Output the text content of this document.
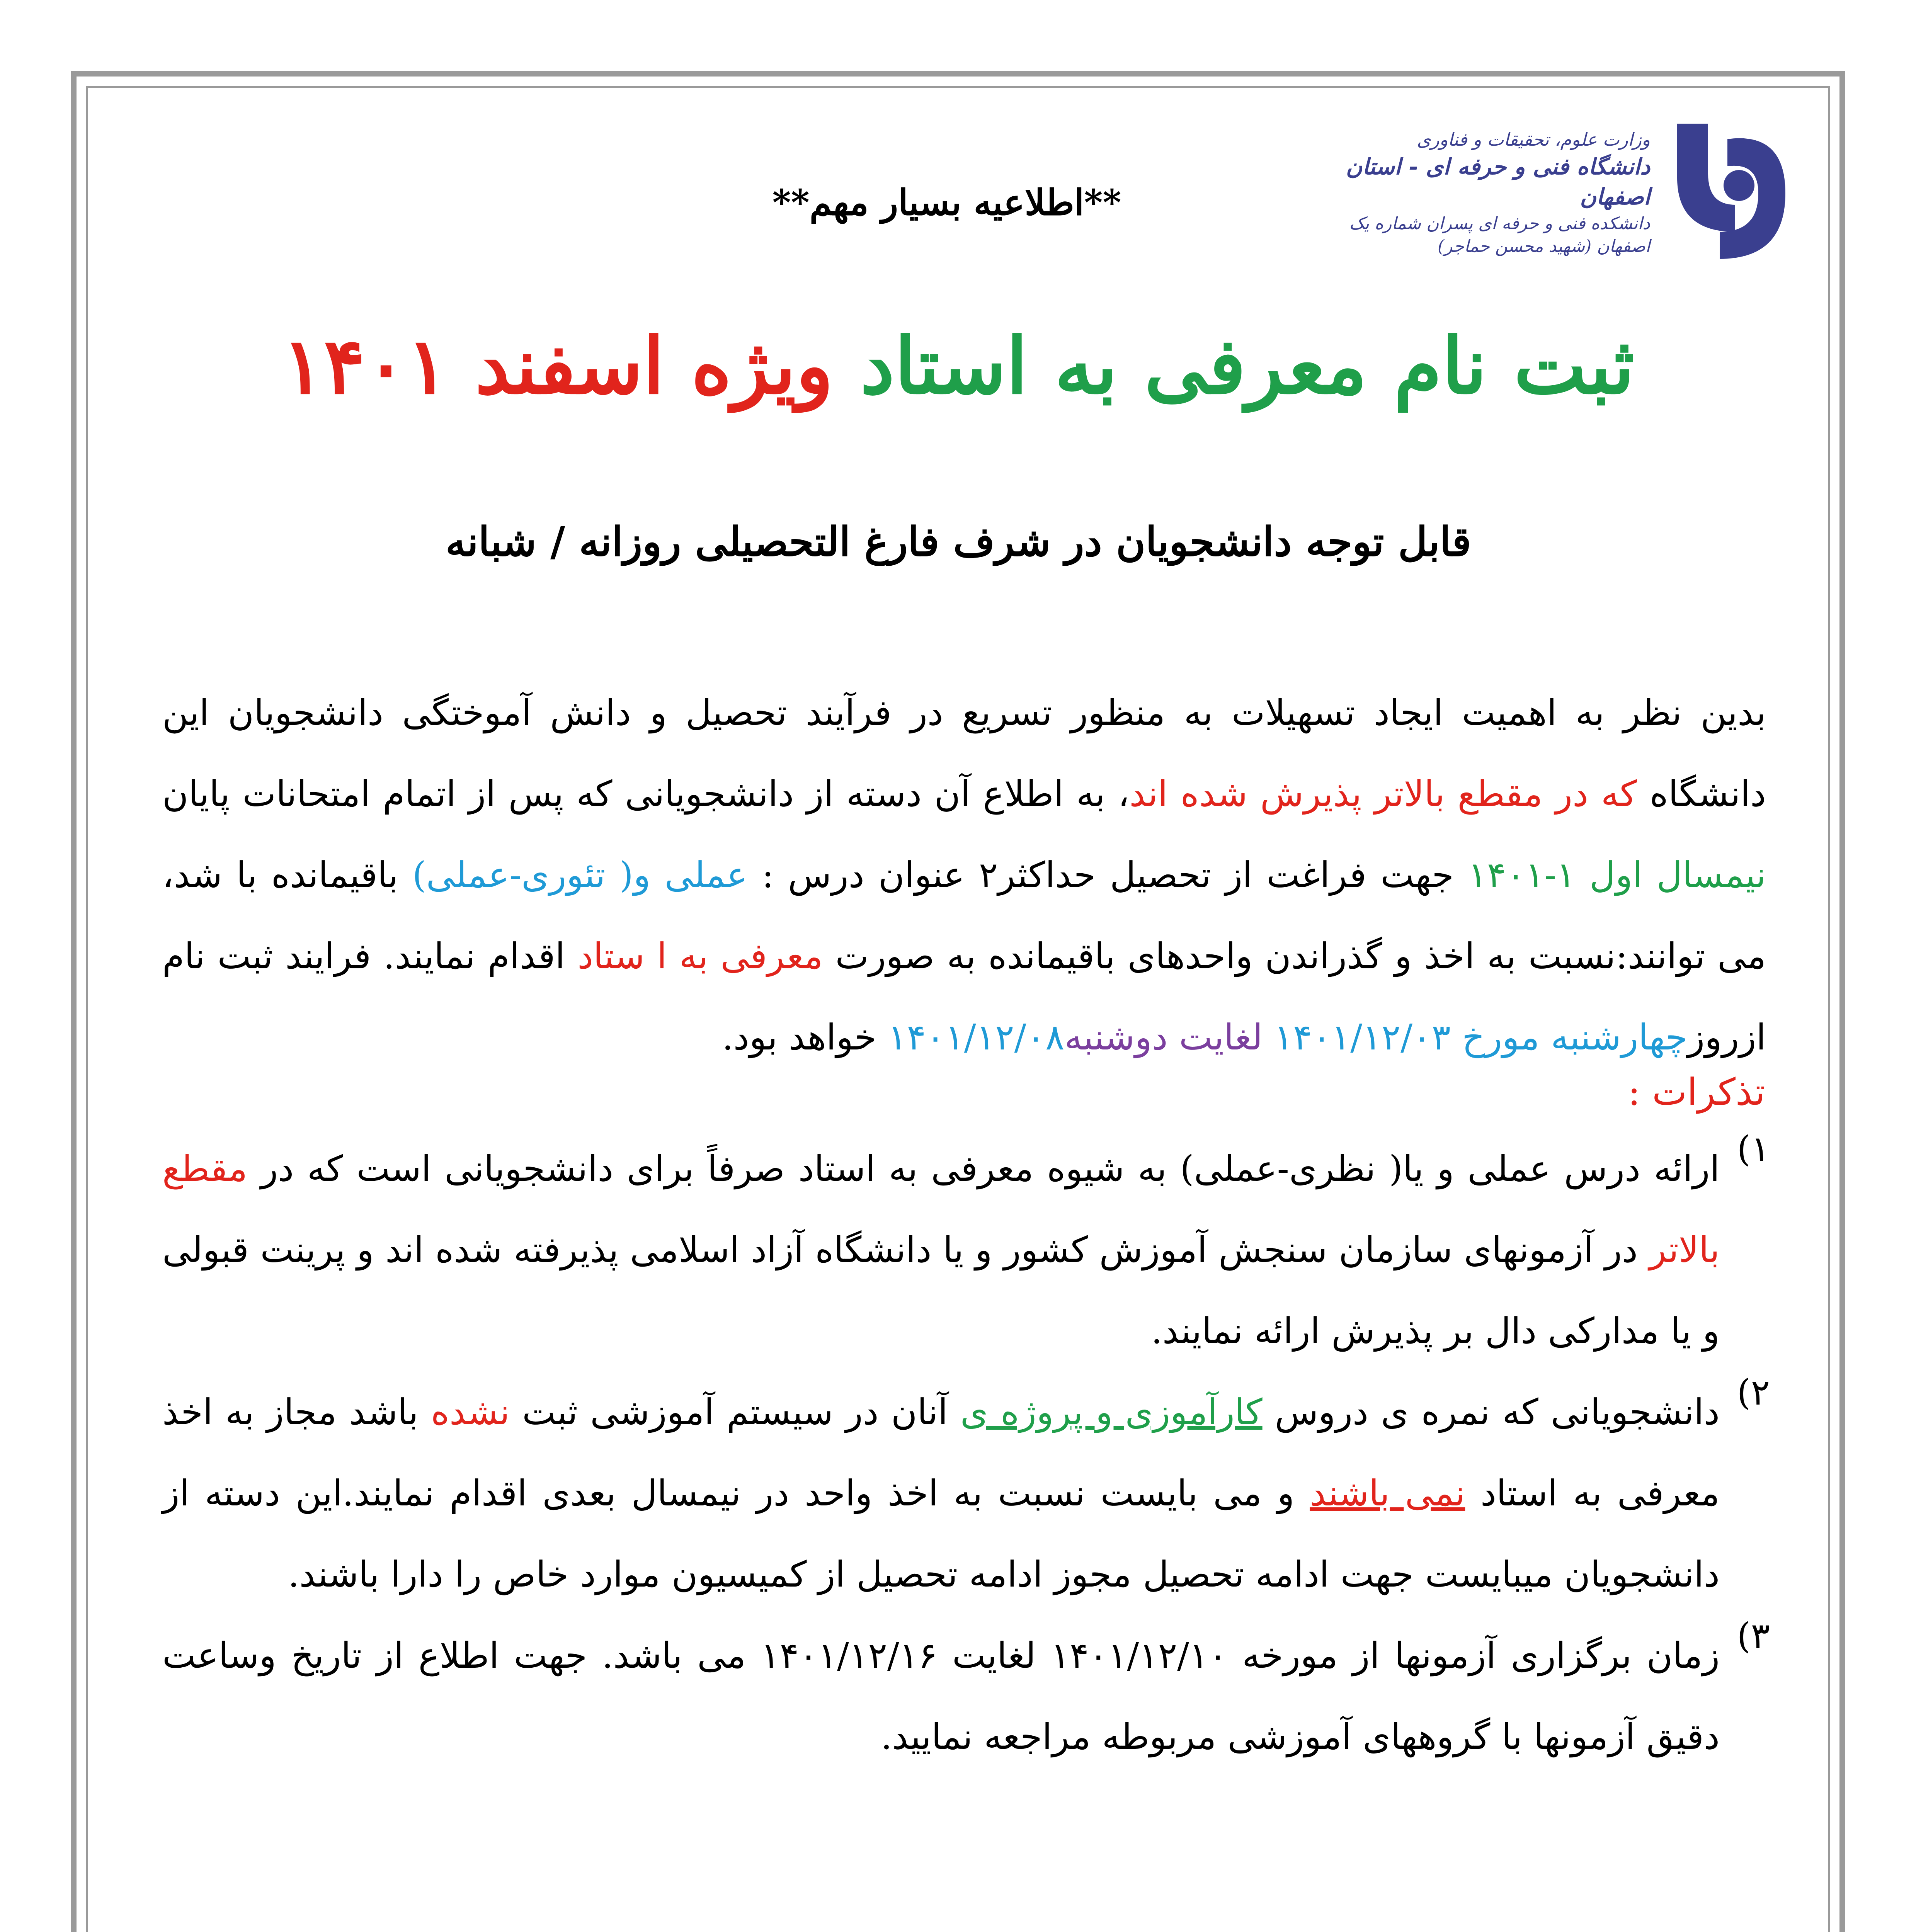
وزارت علوم، تحقیقات و فناوری
دانشگاه فنی و حرفه ای - استان اصفهان
دانشکده فنی و حرفه ای پسران شماره یک اصفهان (شهید محسن حماجر)
**اطلاعیه بسیار مهم**
ثبت نام معرفی به استاد ویژه اسفند ۱۴۰۱
قابل توجه دانشجویان در شرف فارغ التحصیلی روزانه / شبانه
بدین نظر به اهمیت ایجاد تسهیلات به منظور تسریع در فرآیند تحصیل و دانش آموختگی دانشجویان این دانشگاه که در مقطع بالاتر پذیرش شده اند، به اطلاع آن دسته از دانشجویانی که پس از اتمام امتحانات پایان نیمسال اول ۱-۱۴۰۱ جهت فراغت از تحصیل حداکثر۲ عنوان درس : عملی و( تئوری-عملی) باقیمانده با شد، می توانند:نسبت به اخذ و گذراندن واحدهای باقیمانده به صورت معرفی به ا ستاد اقدام نمایند. فرایند ثبت نام ازروزچهارشنبه مورخ ۱۴۰۱/۱۲/۰۳ لغایت دوشنبه۱۴۰۱/۱۲/۰۸ خواهد بود.
تذکرات :
۱)
ارائه درس عملی و یا( نظری-عملی) به شیوه معرفی به استاد صرفاً برای دانشجویانی است که در مقطع بالاتر در آزمونهای سازمان سنجش آموزش کشور و یا دانشگاه آزاد اسلامی پذیرفته شده اند و پرینت قبولی و یا مدارکی دال بر پذیرش ارائه نمایند.
۲)
دانشجویانی که نمره ی دروس کارآموزی و پروژه ی آنان در سیستم آموزشی ثبت نشده باشد مجاز به اخذ معرفی به استاد نمی باشند و می بایست نسبت به اخذ واحد در نیمسال بعدی اقدام نمایند.این دسته از دانشجویان میبایست جهت ادامه تحصیل مجوز ادامه تحصیل از کمیسیون موارد خاص را دارا باشند.
۳)
زمان برگزاری آزمونها از مورخه ۱۴۰۱/۱۲/۱۰ لغایت ۱۴۰۱/۱۲/۱۶ می باشد. جهت اطلاع از تاریخ وساعت دقیق آزمونها با گروههای آموزشی مربوطه مراجعه نمایید.
